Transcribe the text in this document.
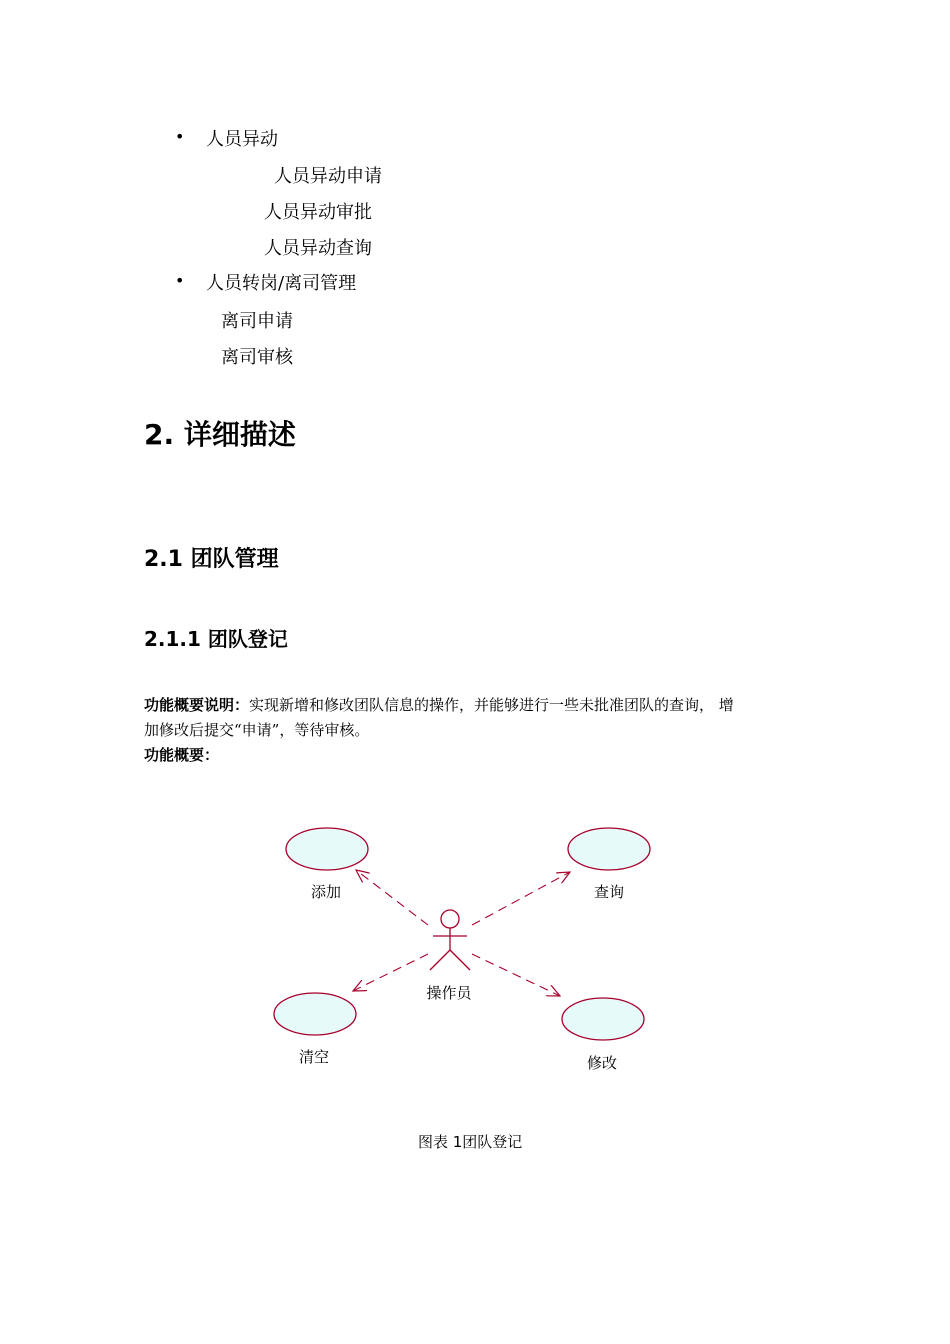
• 人员异动
人员异动申请
人员异动审批
人员异动查询
• 人员转岗/离司管理
离司申请
离司审核
2. 详细描述
2.1 团队管理
2.1.1 团队登记
功能概要说明：实现新增和修改团队信息的操作，并能够进行一些未批准团队的查询， 增
加修改后提交“申请”，等待审核。
功能概要：
添加	查询
操作员
清空	修改
图表 1团队登记
